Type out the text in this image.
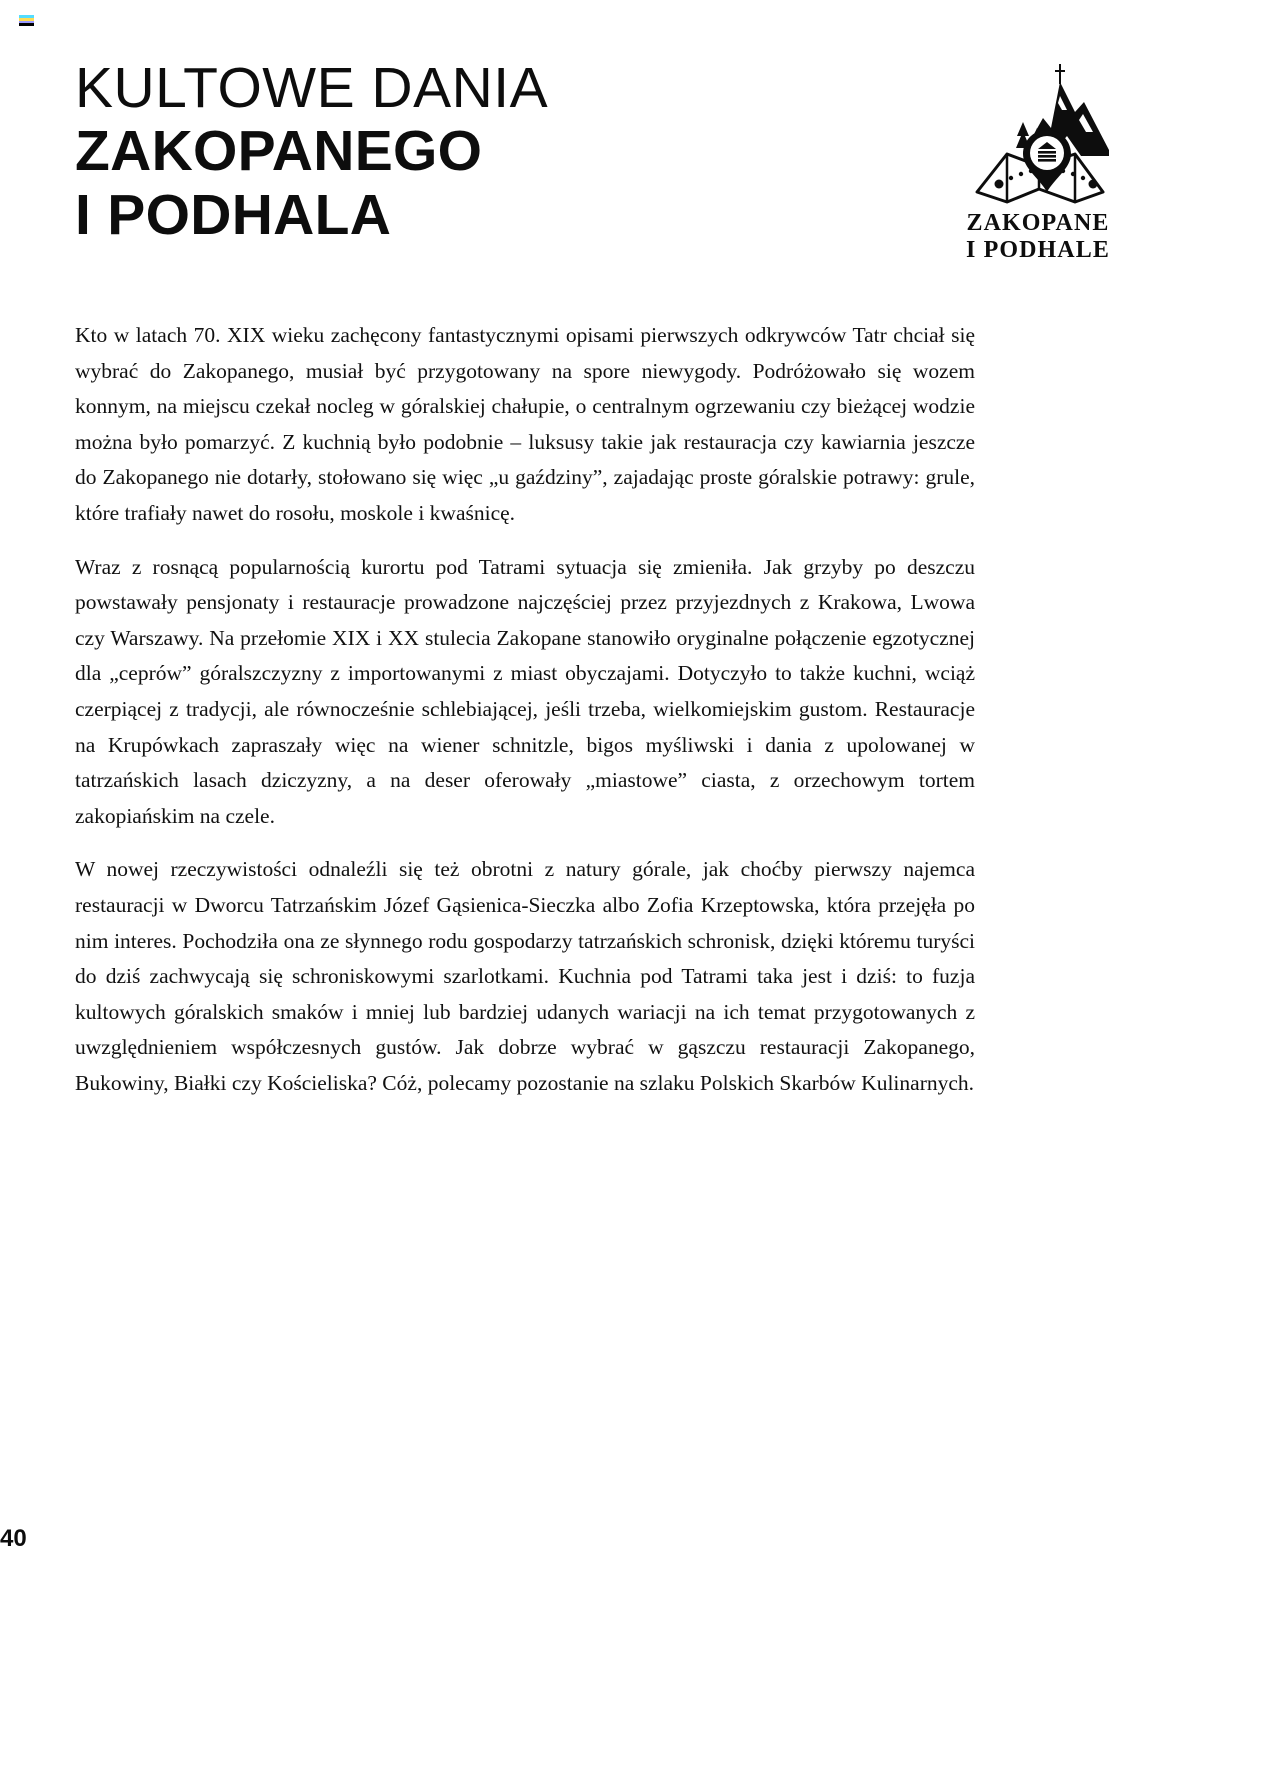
KULTOWE DANIA
ZAKOPANEGO
I PODHALA	ZAKOPANE
I PODHALE

Kto w latach 70. XIX wieku zachęcony fantastycznymi opisami pierwszych odkrywców Tatr chciał się wybrać do Zakopanego, musiał być przygotowany na spore niewygody. Podróżowało się wozem konnym, na miejscu czekał nocleg w góralskiej chałupie, o centralnym ogrzewaniu czy bieżącej wodzie można było pomarzyć. Z kuchnią było podobnie – luksusy takie jak restauracja czy kawiarnia jeszcze do Zakopanego nie dotarły, stołowano się więc „u gaździny”, zajadając proste góralskie potrawy: grule, które trafiały nawet do rosołu, moskole i kwaśnicę.

Wraz z rosnącą popularnością kurortu pod Tatrami sytuacja się zmieniła. Jak grzyby po deszczu powstawały pensjonaty i restauracje prowadzone najczęściej przez przyjezdnych z Krakowa, Lwowa czy Warszawy. Na przełomie XIX i XX stulecia Zakopane stanowiło oryginalne połączenie egzotycznej dla „ceprów” góralszczyzny z importowanymi z miast obyczajami. Dotyczyło to także kuchni, wciąż czerpiącej z tradycji, ale równocześnie schlebiającej, jeśli trzeba, wielkomiejskim gustom. Restauracje na Krupówkach zapraszały więc na wiener schnitzle, bigos myśliwski i dania z upolowanej w tatrzańskich lasach dziczyzny, a na deser oferowały „miastowe” ciasta, z orzechowym tortem zakopiańskim na czele.

W nowej rzeczywistości odnaleźli się też obrotni z natury górale, jak choćby pierwszy najemca restauracji w Dworcu Tatrzańskim Józef Gąsienica-Sieczka albo Zofia Krzeptowska, która przejęła po nim interes. Pochodziła ona ze słynnego rodu gospodarzy tatrzańskich schronisk, dzięki któremu turyści do dziś zachwycają się schroniskowymi szarlotkami. Kuchnia pod Tatrami taka jest i dziś: to fuzja kultowych góralskich smaków i mniej lub bardziej udanych wariacji na ich temat przygotowanych z uwzględnieniem współczesnych gustów. Jak dobrze wybrać w gąszczu restauracji Zakopanego, Bukowiny, Białki czy Kościeliska? Cóż, polecamy pozostanie na szlaku Polskich Skarbów Kulinarnych.

40
